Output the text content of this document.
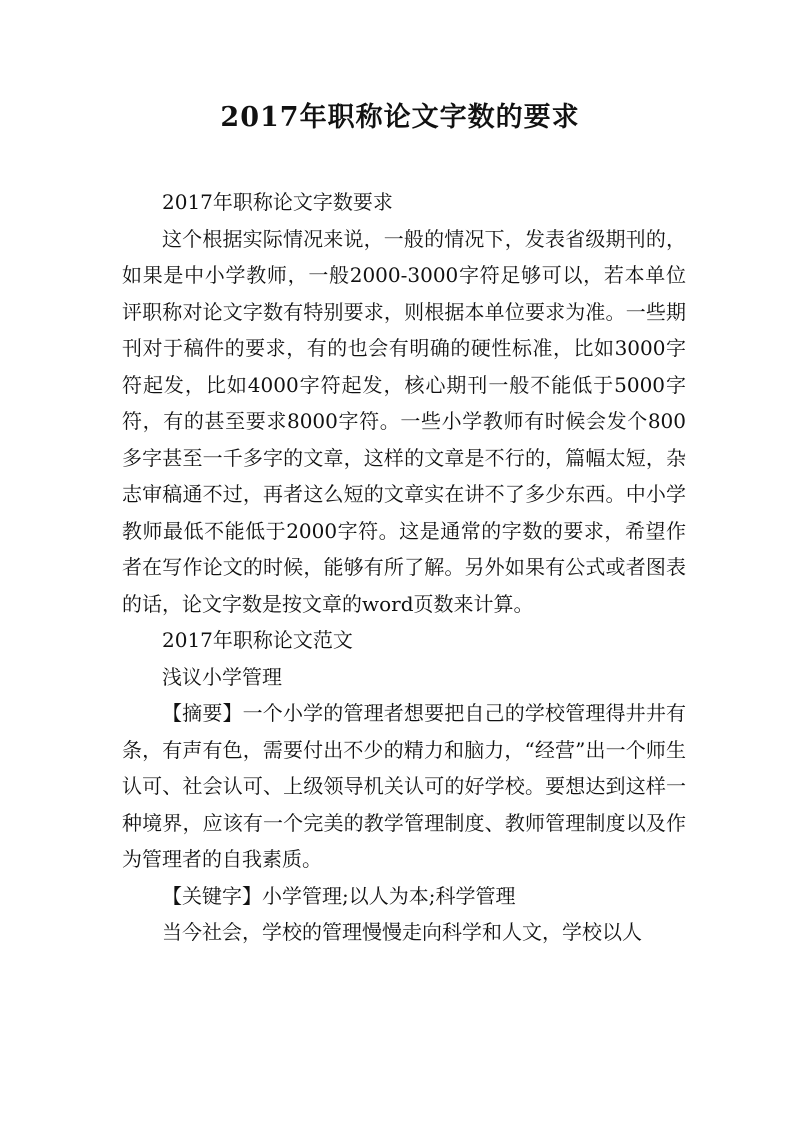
2017年职称论文字数的要求

2017年职称论文字数要求

这个根据实际情况来说，一般的情况下，发表省级期刊的，如果是中小学教师，一般2000-3000字符足够可以，若本单位评职称对论文字数有特别要求，则根据本单位要求为准。一些期刊对于稿件的要求，有的也会有明确的硬性标准，比如3000字符起发，比如4000字符起发，核心期刊一般不能低于5000字符，有的甚至要求8000字符。一些小学教师有时候会发个800多字甚至一千多字的文章，这样的文章是不行的，篇幅太短，杂志审稿通不过，再者这么短的文章实在讲不了多少东西。中小学教师最低不能低于2000字符。这是通常的字数的要求，希望作者在写作论文的时候，能够有所了解。另外如果有公式或者图表的话，论文字数是按文章的word页数来计算。

2017年职称论文范文

浅议小学管理

【摘要】一个小学的管理者想要把自己的学校管理得井井有条，有声有色，需要付出不少的精力和脑力，“经营”出一个师生认可、社会认可、上级领导机关认可的好学校。要想达到这样一种境界，应该有一个完美的教学管理制度、教师管理制度以及作为管理者的自我素质。

【关键字】小学管理;以人为本;科学管理

当今社会，学校的管理慢慢走向科学和人文，学校以人
